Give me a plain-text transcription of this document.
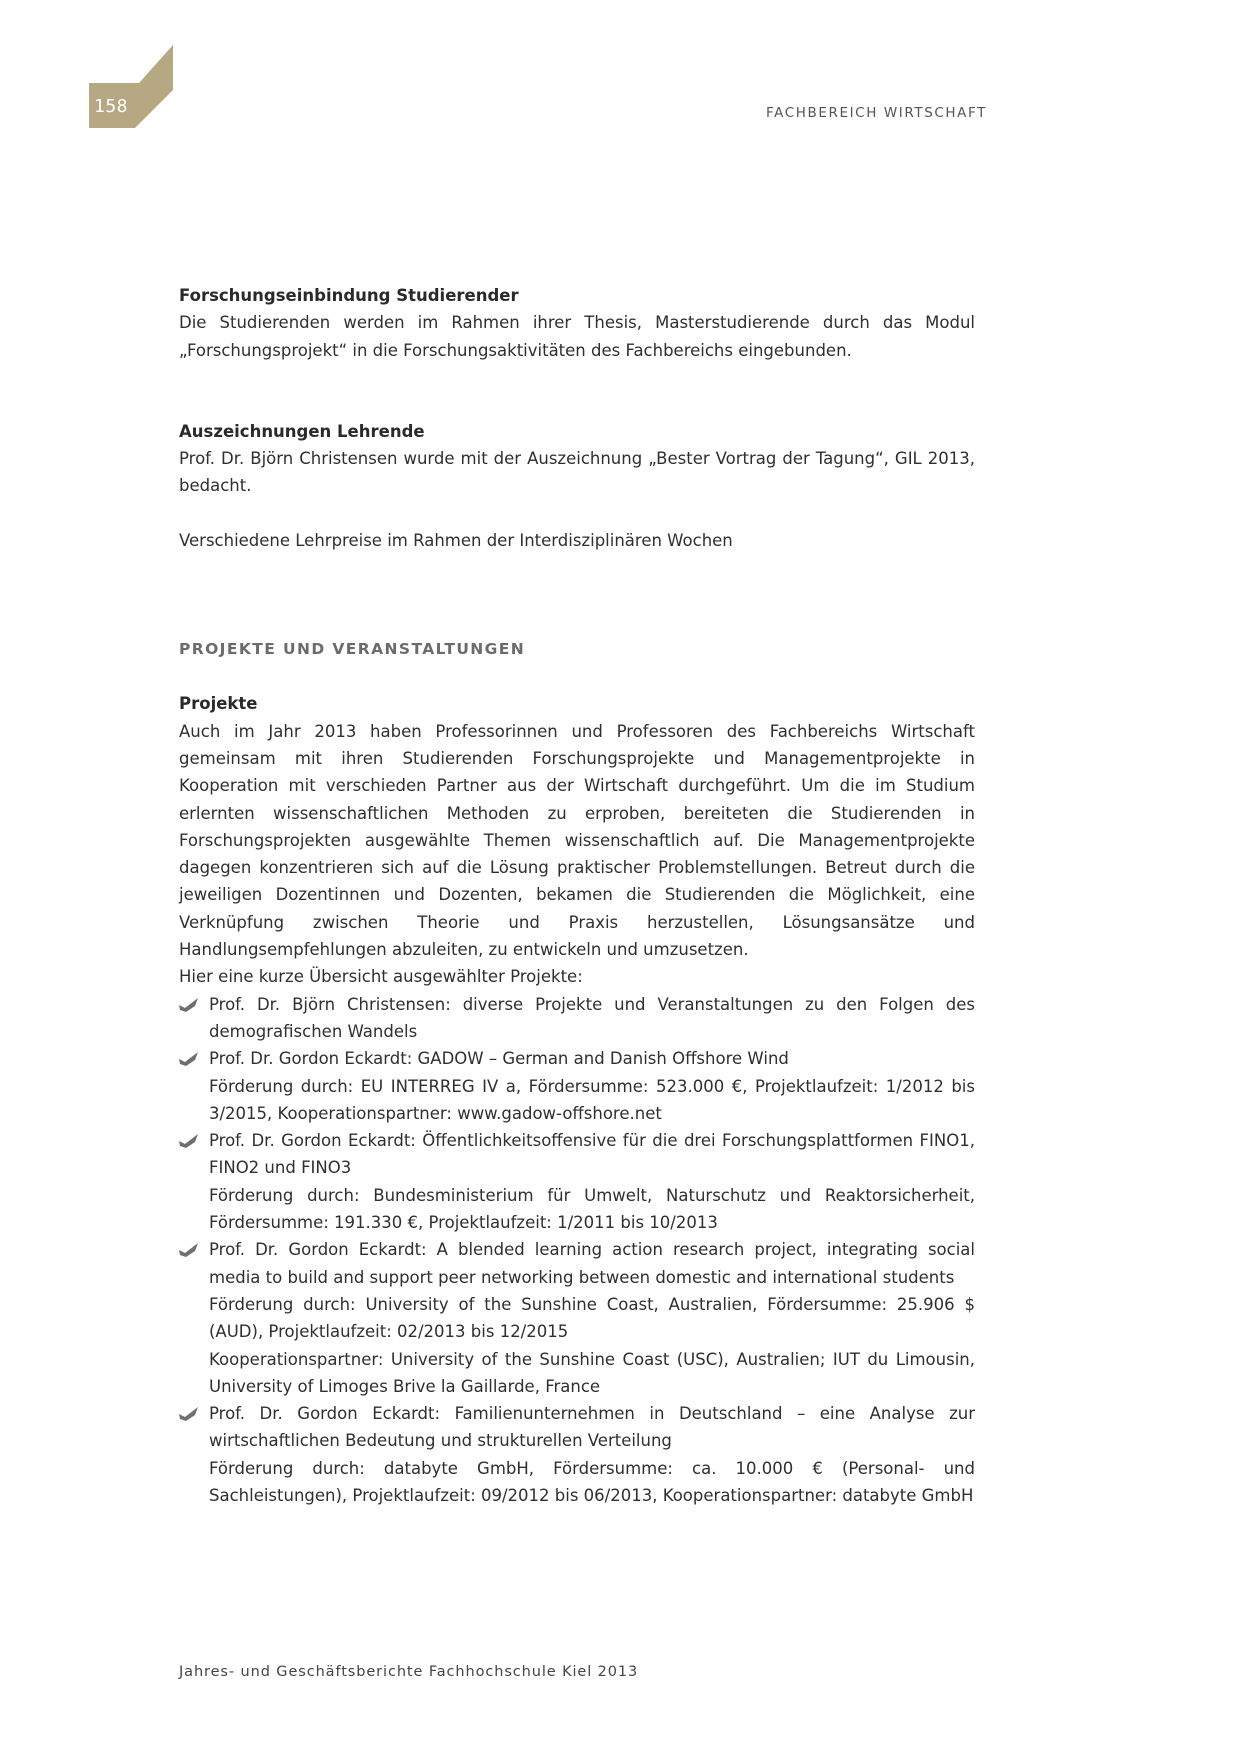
158	FACHBEREICH WIRTSCHAFT
Forschungseinbindung Studierender
Die Studierenden werden im Rahmen ihrer Thesis, Masterstudierende durch das Modul „Forschungsprojekt“ in die Forschungsaktivitäten des Fachbereichs eingebunden.
Auszeichnungen Lehrende
Prof. Dr. Björn Christensen wurde mit der Auszeichnung „Bester Vortrag der Tagung“, GIL 2013, bedacht.
Verschiedene Lehrpreise im Rahmen der Interdisziplinären Wochen
PROJEKTE UND VERANSTALTUNGEN
Projekte
Auch im Jahr 2013 haben Professorinnen und Professoren des Fachbereichs Wirtschaft gemeinsam mit ihren Studierenden Forschungsprojekte und Managementprojekte in Kooperation mit verschieden Partner aus der Wirtschaft durchgeführt. Um die im Studium erlernten wissenschaftlichen Methoden zu erproben, bereiteten die Studierenden in Forschungsprojekten ausgewählte Themen wissenschaftlich auf. Die Managementprojekte dagegen konzentrieren sich auf die Lösung praktischer Problemstellungen. Betreut durch die jeweiligen Dozentinnen und Dozenten, bekamen die Studierenden die Möglichkeit, eine Verknüpfung zwischen Theorie und Praxis herzustellen, Lösungsansätze und Handlungsempfehlungen abzuleiten, zu entwickeln und umzusetzen.
Hier eine kurze Übersicht ausgewählter Projekte:
Prof. Dr. Björn Christensen: diverse Projekte und Veranstaltungen zu den Folgen des demografischen Wandels
Prof. Dr. Gordon Eckardt: GADOW – German and Danish Offshore Wind
Förderung durch: EU INTERREG IV a, Fördersumme: 523.000 €, Projektlaufzeit: 1/2012 bis 3/2015, Kooperationspartner: www.gadow-offshore.net
Prof. Dr. Gordon Eckardt: Öffentlichkeitsoffensive für die drei Forschungsplattformen FINO1, FINO2 und FINO3
Förderung durch: Bundesministerium für Umwelt, Naturschutz und Reaktorsicherheit, Fördersumme: 191.330 €, Projektlaufzeit: 1/2011 bis 10/2013
Prof. Dr. Gordon Eckardt: A blended learning action research project, integrating social media to build and support peer networking between domestic and international students
Förderung durch: University of the Sunshine Coast, Australien, Fördersumme: 25.906 $ (AUD), Projektlaufzeit: 02/2013 bis 12/2015
Kooperationspartner: University of the Sunshine Coast (USC), Australien; IUT du Limousin, University of Limoges Brive la Gaillarde, France
Prof. Dr. Gordon Eckardt: Familienunternehmen in Deutschland – eine Analyse zur wirtschaftlichen Bedeutung und strukturellen Verteilung
Förderung durch: databyte GmbH, Fördersumme: ca. 10.000 € (Personal- und Sachleistungen), Projektlaufzeit: 09/2012 bis 06/2013, Kooperationspartner: databyte GmbH
Jahres- und Geschäftsberichte Fachhochschule Kiel 2013
